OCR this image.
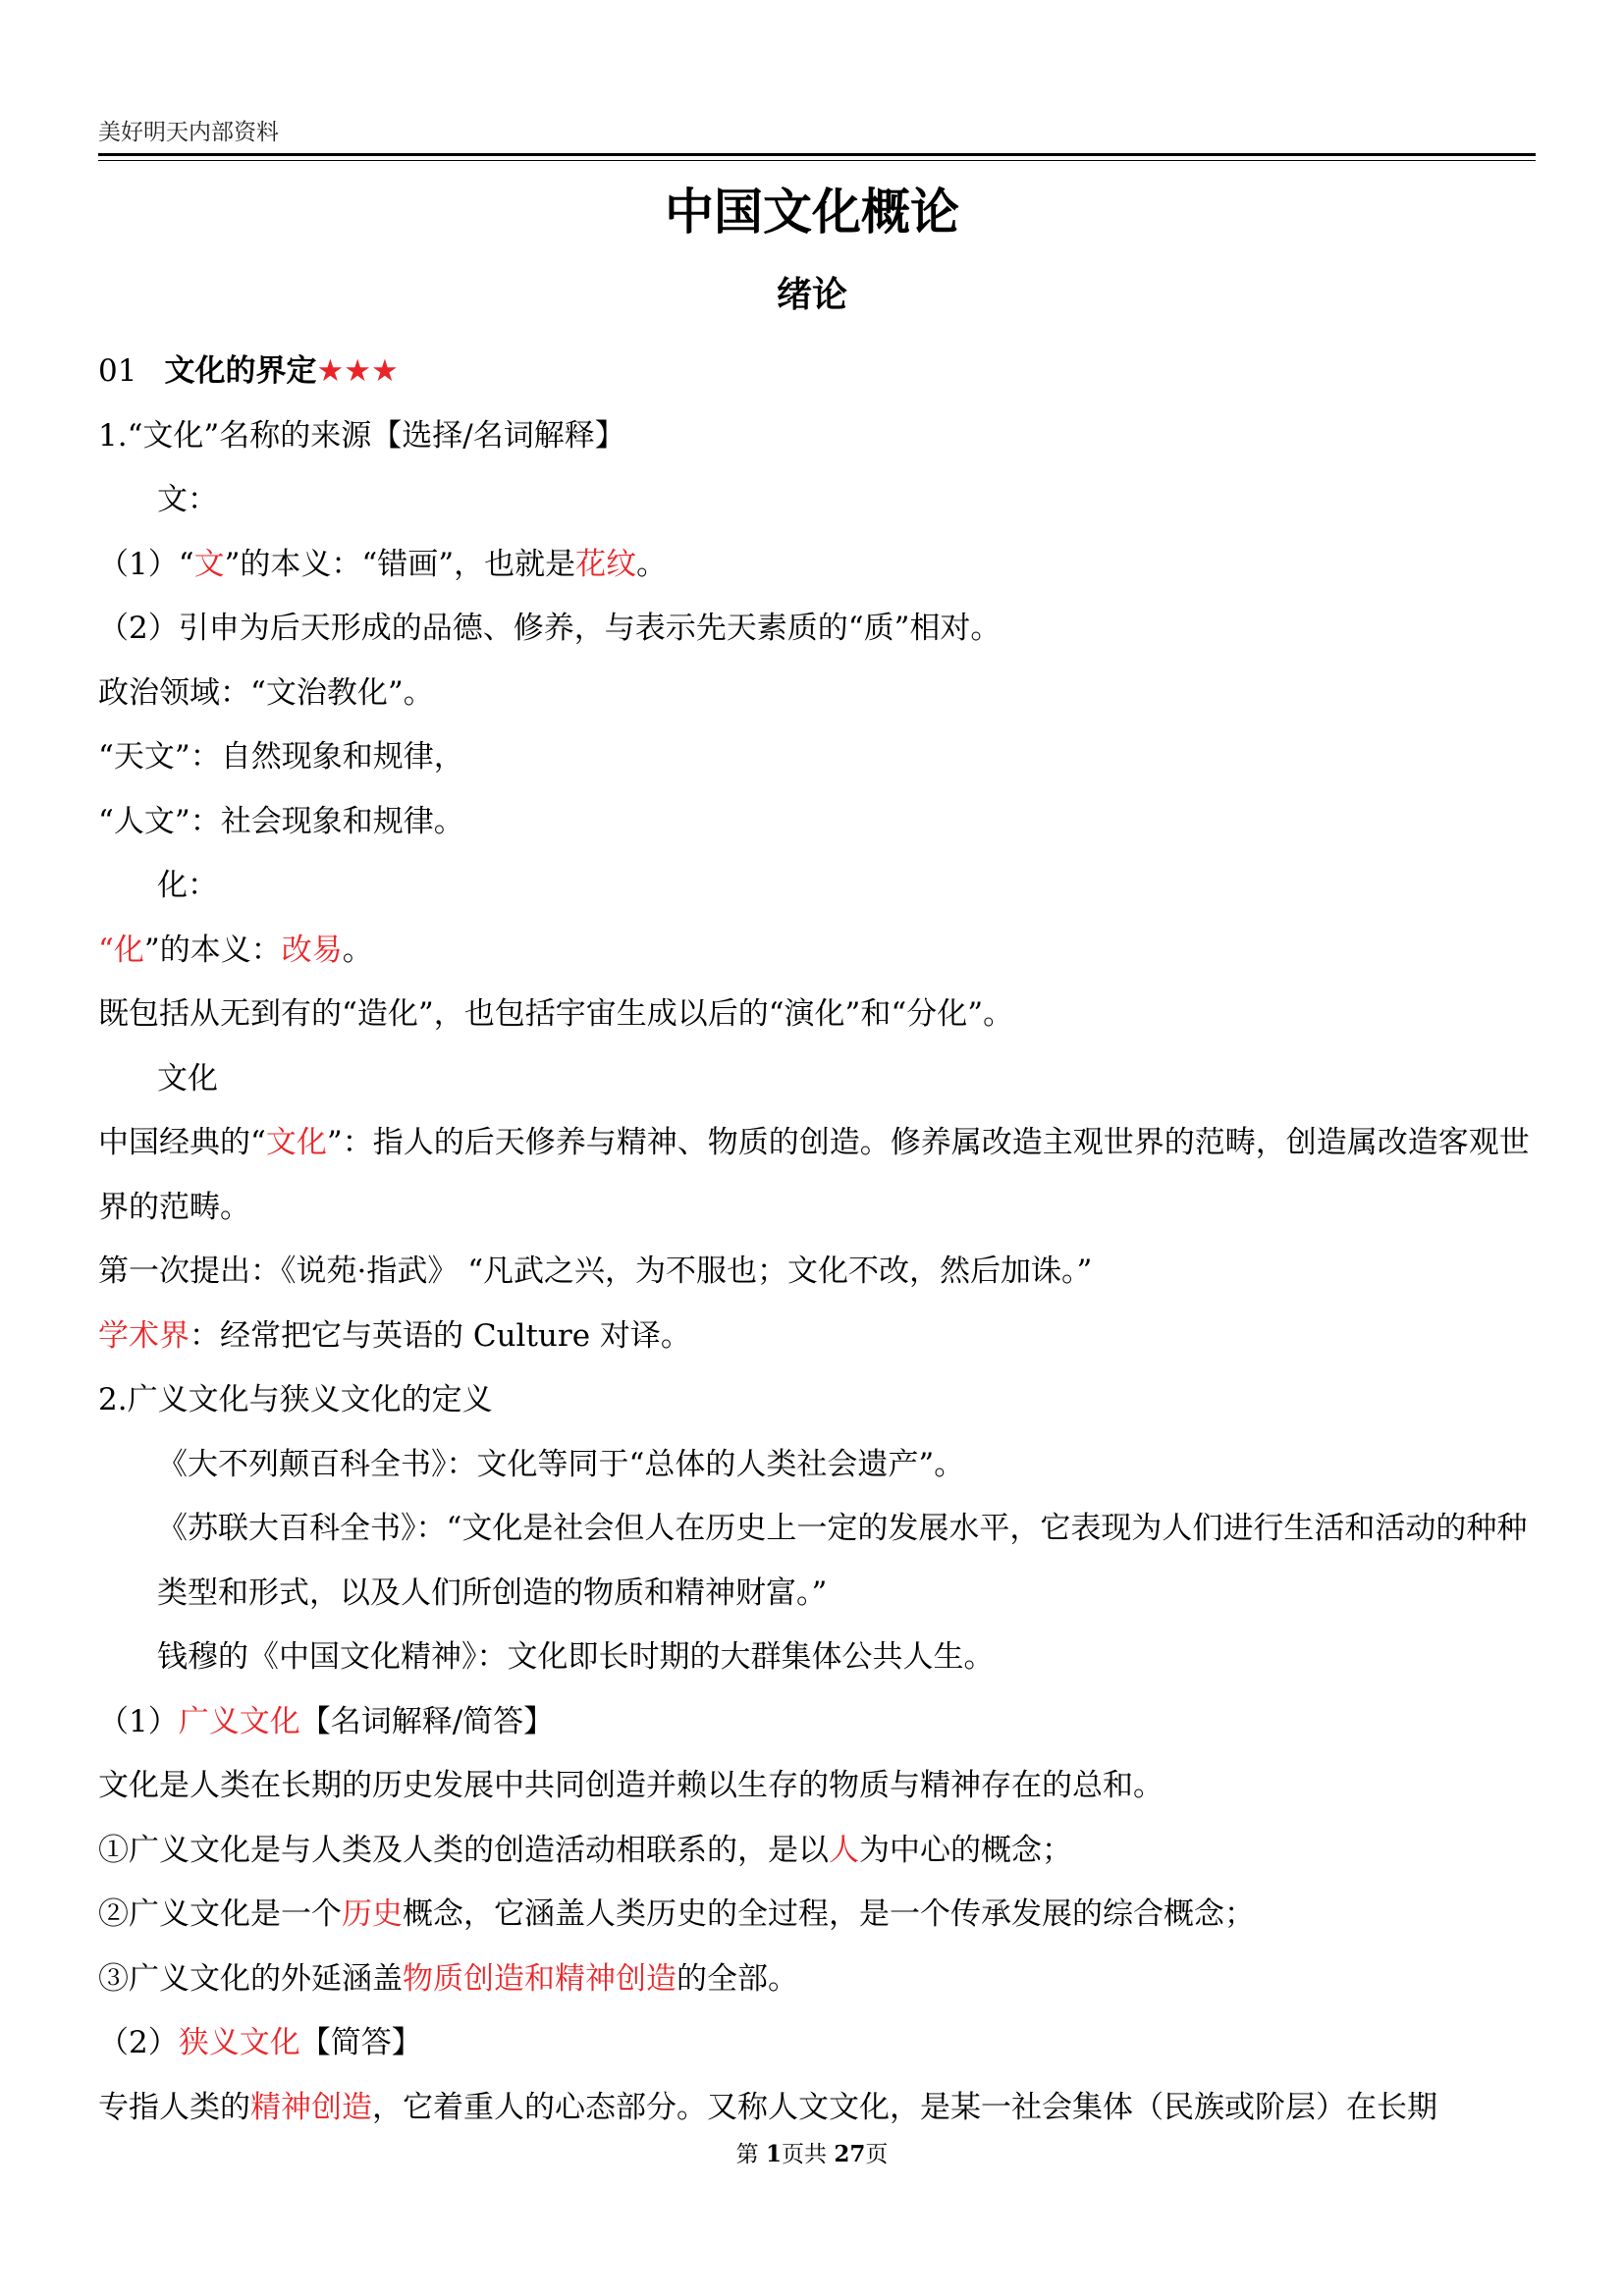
美好明天内部资料
中国文化概论
绪论

01 文化的界定★★★

1.“文化”名称的来源【选择/名词解释】

文：

（1）“文”的本义：“错画”，也就是花纹。

（2）引申为后天形成的品德、修养，与表示先天素质的“质”相对。

政治领域：“文治教化”。

“天文”：自然现象和规律，

“人文”：社会现象和规律。

化：

“化”的本义：改易。

既包括从无到有的“造化”，也包括宇宙生成以后的“演化”和“分化”。

文化

中国经典的“文化”：指人的后天修养与精神、物质的创造。修养属改造主观世界的范畴，创造属改造客观世界的范畴。

第一次提出：《说苑·指武》 “凡武之兴，为不服也；文化不改，然后加诛。”

学术界：经常把它与英语的 Culture 对译。

2.广义文化与狭义文化的定义

《大不列颠百科全书》：文化等同于“总体的人类社会遗产”。

《苏联大百科全书》：“文化是社会但人在历史上一定的发展水平，它表现为人们进行生活和活动的种种类型和形式，以及人们所创造的物质和精神财富。”

钱穆的《中国文化精神》：文化即长时期的大群集体公共人生。

（1）广义文化【名词解释/简答】

文化是人类在长期的历史发展中共同创造并赖以生存的物质与精神存在的总和。

①广义文化是与人类及人类的创造活动相联系的，是以人为中心的概念；

②广义文化是一个历史概念，它涵盖人类历史的全过程，是一个传承发展的综合概念；

③广义文化的外延涵盖物质创造和精神创造的全部。

（2）狭义文化【简答】

专指人类的精神创造，它着重人的心态部分。又称人文文化，是某一社会集体（民族或阶层）在长期

第 1页共 27页
